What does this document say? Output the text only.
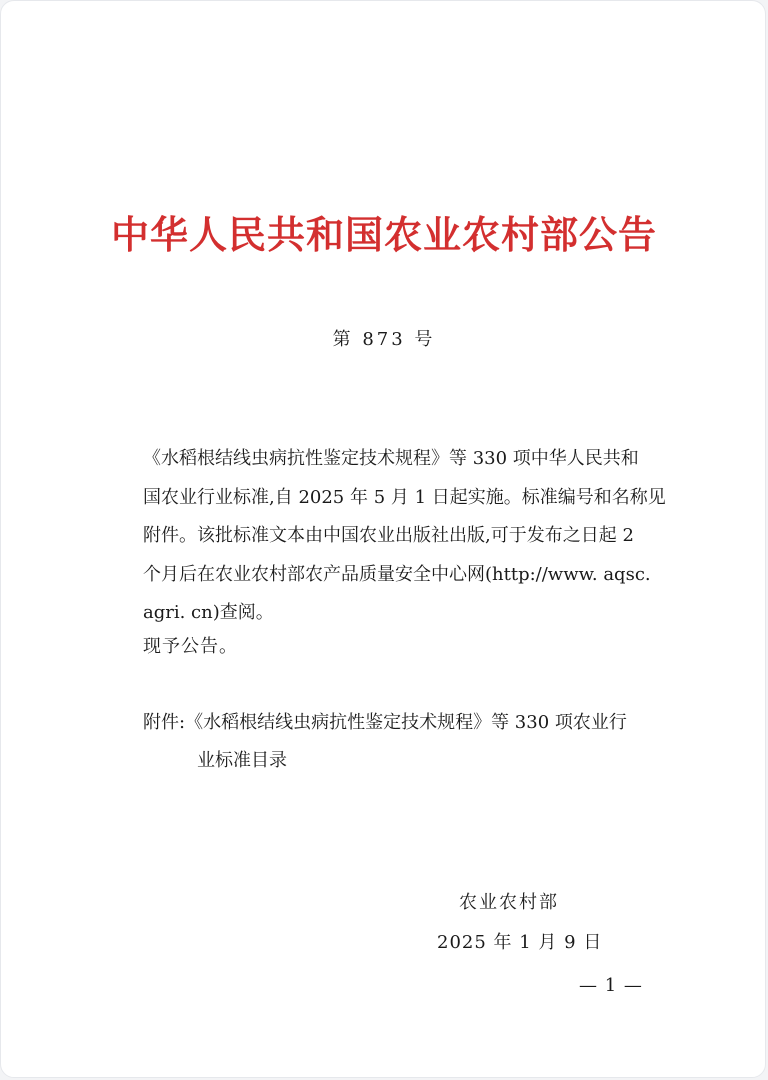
中华人民共和国农业农村部公告
第 873 号

《水稻根结线虫病抗性鉴定技术规程》等 330 项中华人民共和

国农业行业标准,自 2025 年 5 月 1 日起实施。标准编号和名称见

附件。该批标准文本由中国农业出版社出版,可于发布之日起 2

个月后在农业农村部农产品质量安全中心网(http://www. aqsc.

agri. cn)查阅。

现予公告。
附件:《水稻根结线虫病抗性鉴定技术规程》等 330 项农业行
业标准目录
农业农村部
2025 年 1 月 9 日
— 1 —
